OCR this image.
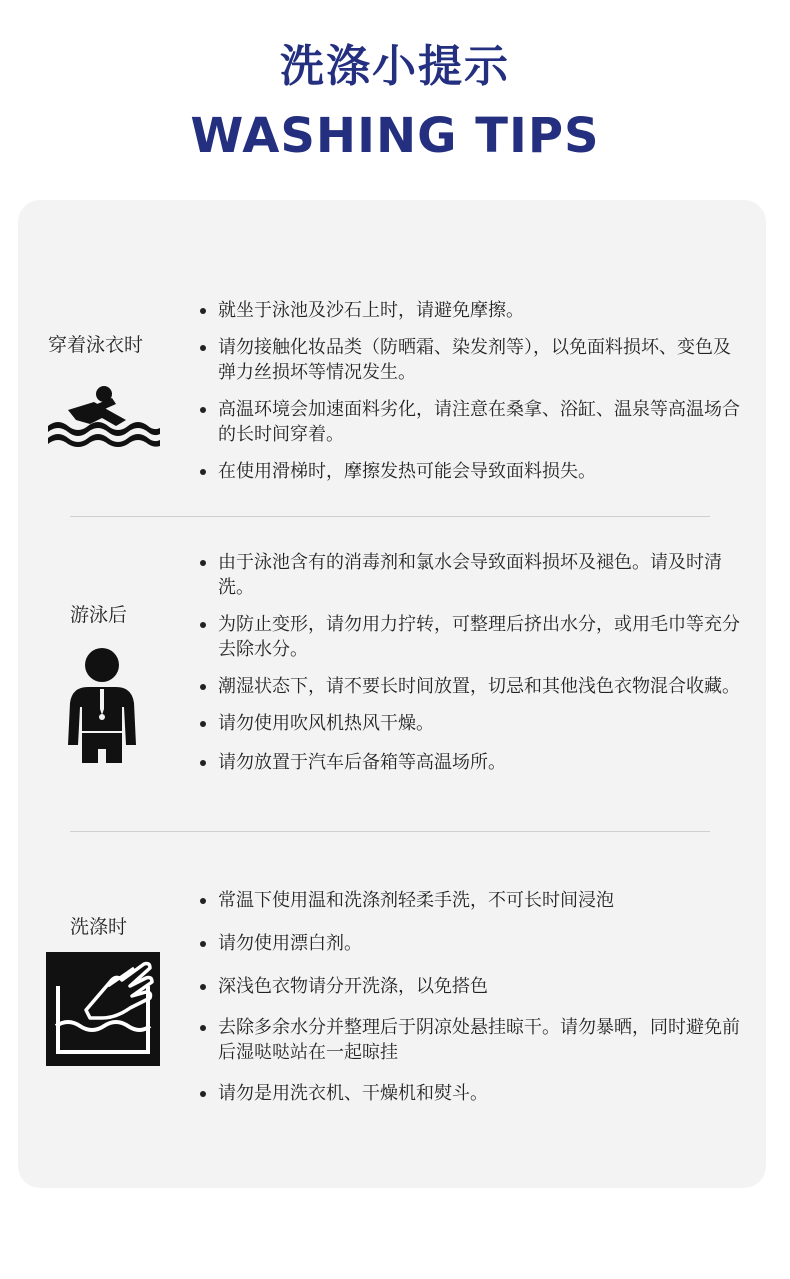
洗涤小提示
WASHING TIPS
穿着泳衣时
就坐于泳池及沙石上时，请避免摩擦。
请勿接触化妆品类（防晒霜、染发剂等），以免面料损坏、变色及弹力丝损坏等情况发生。
高温环境会加速面料劣化，请注意在桑拿、浴缸、温泉等高温场合的长时间穿着。
在使用滑梯时，摩擦发热可能会导致面料损失。
游泳后
由于泳池含有的消毒剂和氯水会导致面料损坏及褪色。请及时清洗。
为防止变形，请勿用力拧转，可整理后挤出水分，或用毛巾等充分去除水分。
潮湿状态下，请不要长时间放置，切忌和其他浅色衣物混合收藏。
请勿使用吹风机热风干燥。
请勿放置于汽车后备箱等高温场所。
洗涤时
常温下使用温和洗涤剂轻柔手洗，不可长时间浸泡
请勿使用漂白剂。
深浅色衣物请分开洗涤，以免搭色
去除多余水分并整理后于阴凉处悬挂晾干。请勿暴晒，同时避免前后湿哒哒站在一起晾挂
请勿是用洗衣机、干燥机和熨斗。
